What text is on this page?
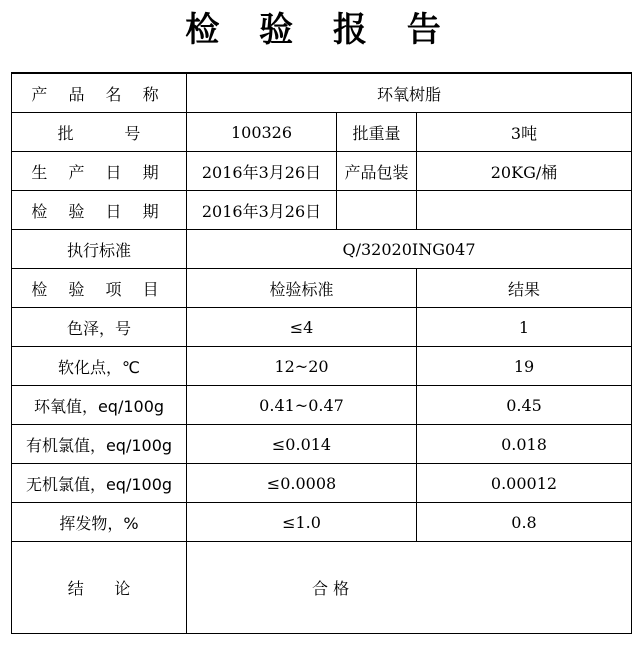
检 验 报 告
产 品 名 称	环氧树脂		
批          号	100326	批重量	3吨
生 产 日 期	2016年3月26日	产品包装	20KG/桶
检 验 日 期	2016年3月26日		
执行标准	Q/32020ING047		
检 验 项 目	检验标准		结果
色泽，号	≤4		1
软化点，℃	12~20		19
环氧值，eq/100g	0.41~0.47		0.45
有机氯值，eq/100g	≤0.014		0.018
无机氯值，eq/100g	≤0.0008		0.00012
挥发物，%	≤1.0		0.8
结      论	合 格		
